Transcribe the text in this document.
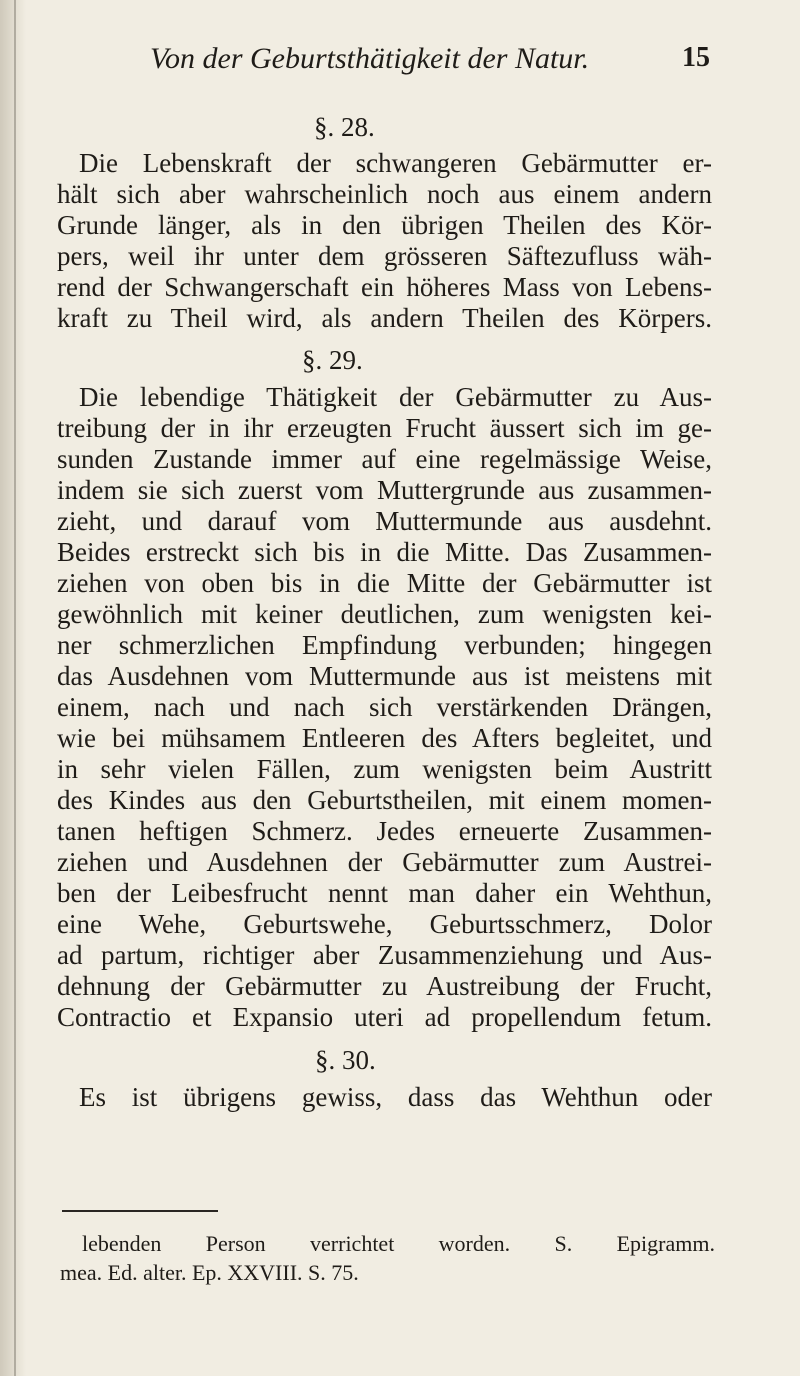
Von der Geburtsthätigkeit der Natur.	15
§. 28.
Die Lebenskraft der schwangeren Gebärmutter er-
hält sich aber wahrscheinlich noch aus einem andern
Grunde länger, als in den übrigen Theilen des Kör-
pers, weil ihr unter dem grösseren Säftezufluss wäh-
rend der Schwangerschaft ein höheres Mass von Lebens-
kraft zu Theil wird, als andern Theilen des Körpers.
§. 29.
Die lebendige Thätigkeit der Gebärmutter zu Aus-
treibung der in ihr erzeugten Frucht äussert sich im ge-
sunden Zustande immer auf eine regelmässige Weise,
indem sie sich zuerst vom Muttergrunde aus zusammen-
zieht, und darauf vom Muttermunde aus ausdehnt.
Beides erstreckt sich bis in die Mitte. Das Zusammen-
ziehen von oben bis in die Mitte der Gebärmutter ist
gewöhnlich mit keiner deutlichen, zum wenigsten kei-
ner schmerzlichen Empfindung verbunden; hingegen
das Ausdehnen vom Muttermunde aus ist meistens mit
einem, nach und nach sich verstärkenden Drängen,
wie bei mühsamem Entleeren des Afters begleitet, und
in sehr vielen Fällen, zum wenigsten beim Austritt
des Kindes aus den Geburtstheilen, mit einem momen-
tanen heftigen Schmerz. Jedes erneuerte Zusammen-
ziehen und Ausdehnen der Gebärmutter zum Austrei-
ben der Leibesfrucht nennt man daher ein Wehthun,
eine Wehe, Geburtswehe, Geburtsschmerz, Dolor
ad partum, richtiger aber Zusammenziehung und Aus-
dehnung der Gebärmutter zu Austreibung der Frucht,
Contractio et Expansio uteri ad propellendum fetum.
§. 30.
Es ist übrigens gewiss, dass das Wehthun oder
lebenden Person verrichtet worden. S. Epigramm.
mea. Ed. alter. Ep. XXVIII. S. 75.
